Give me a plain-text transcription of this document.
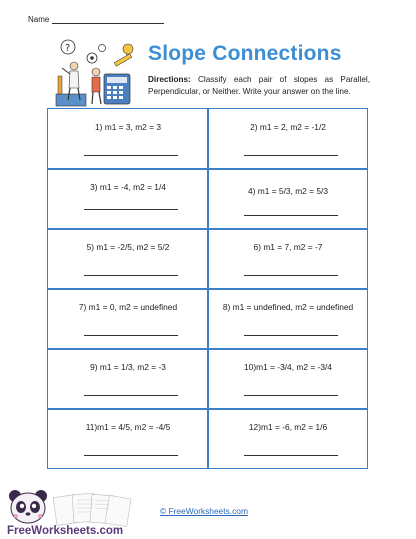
Name
?	Slope Connections
Directions: Classify each pair of slopes as Parallel, Perpendicular, or Neither. Write your answer on the line.
1) m1 = 3, m2 = 3	2) m1 = 2, m2 = -1/2
3) m1 = -4, m2 = 1/4	4) m1 = 5/3, m2 = 5/3
5) m1 = -2/5, m2 = 5/2	6) m1 = 7, m2 = -7
7) m1 = 0, m2 = undefined	8) m1 = undefined, m2 = undefined
9) m1 = 1/3, m2 = -3	10)m1 = -3/4, m2 = -3/4
11)m1 = 4/5, m2 = -4/5	12)m1 = -6, m2 = 1/6
FreeWorksheets.com
© FreeWorksheets.com
